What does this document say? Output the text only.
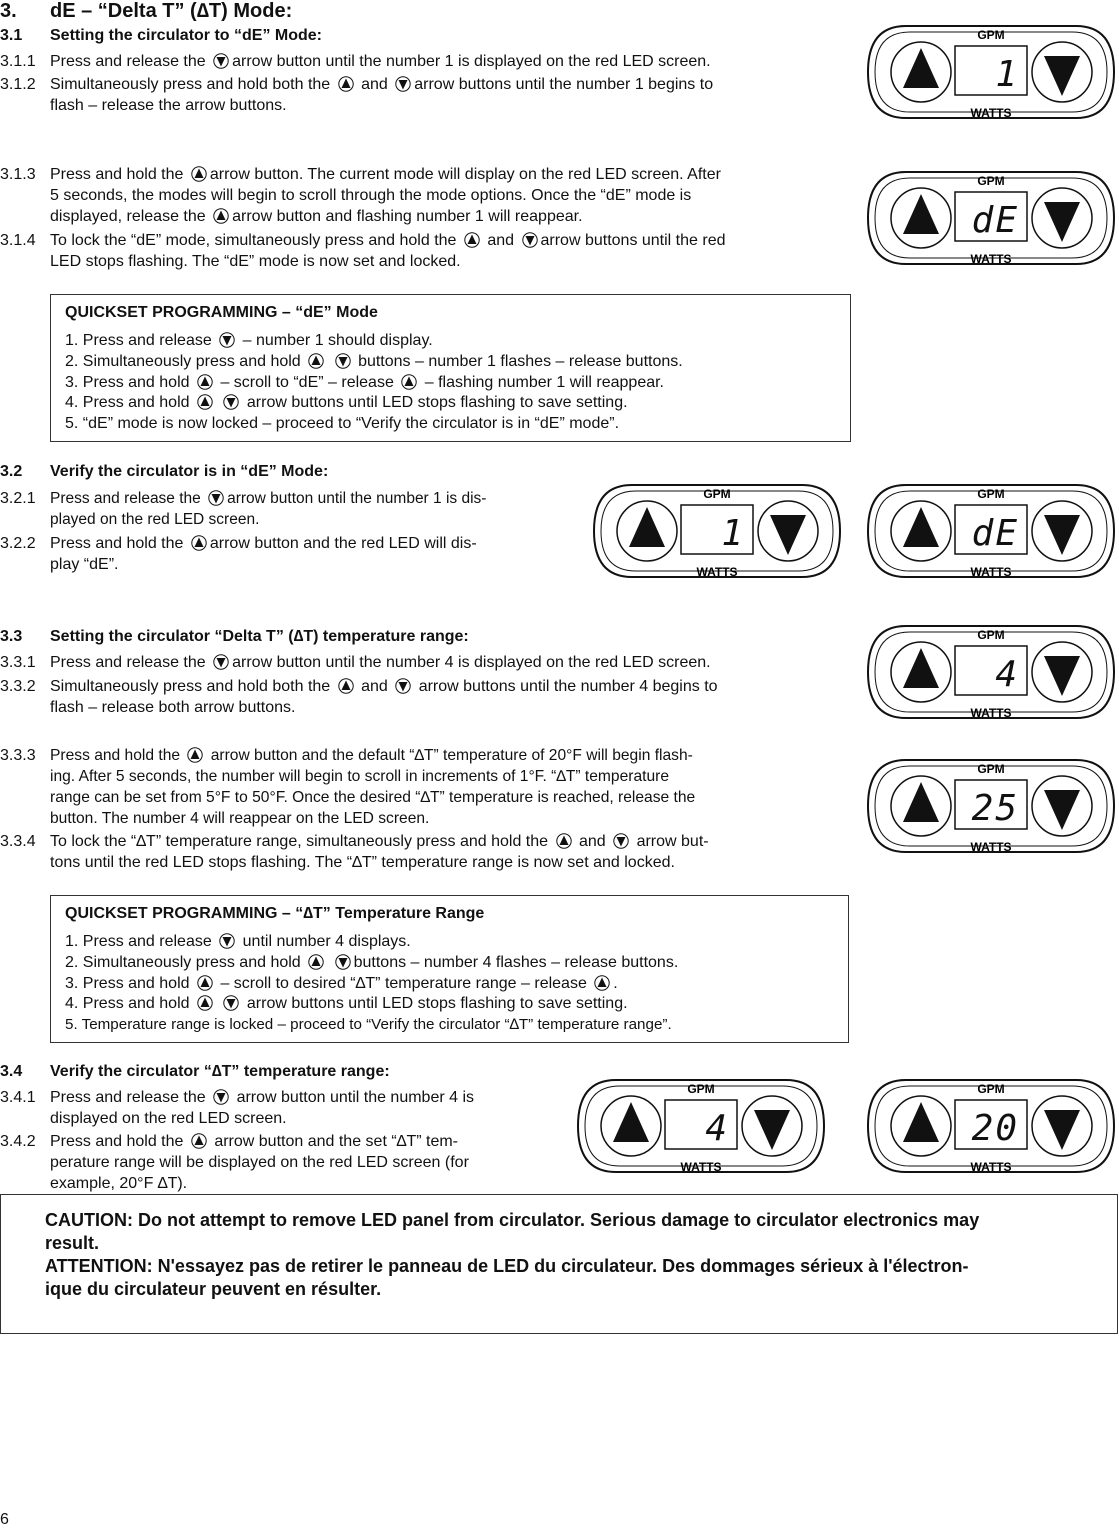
3. dE – “Delta T” (∆T) Mode:
3.1 Setting the circulator to “dE” Mode:
3.1.1 Press and release the arrow button until the number 1 is displayed on the red LED screen.
3.1.2 Simultaneously press and hold both the and arrow buttons until the number 1 begins to
flash – release the arrow buttons.
3.1.3 Press and hold the arrow button. The current mode will display on the red LED screen. After
5 seconds, the modes will begin to scroll through the mode options. Once the “dE” mode is
displayed, release the arrow button and flashing number 1 will reappear.
3.1.4 To lock the “dE” mode, simultaneously press and hold the and arrow buttons until the red
LED stops flashing. The “dE” mode is now set and locked.
QUICKSET PROGRAMMING – “dE” Mode
1. Press and release – number 1 should display.
2. Simultaneously press and hold
	buttons – number 1 flashes – release buttons.
3. Press and hold – scroll to “dE” – release – flashing number 1 will reappear.
4. Press and hold
	arrow buttons until LED stops flashing to save setting.
5. “dE” mode is now locked – proceed to “Verify the circulator is in “dE” mode”.
3.2 Verify the circulator is in “dE” Mode:
3.2.1 Press and release the arrow button until the number 1 is dis-
played on the red LED screen.
3.2.2 Press and hold the arrow button and the red LED will dis-
play “dE”.
3.3 Setting the circulator “Delta T” (∆T) temperature range:
3.3.1 Press and release the arrow button until the number 4 is displayed on the red LED screen.
3.3.2 Simultaneously press and hold both the and arrow buttons until the number 4 begins to
flash – release both arrow buttons.
3.3.3 Press and hold the arrow button and the default “∆T” temperature of 20°F will begin flash-
ing. After 5 seconds, the number will begin to scroll in increments of 1°F. “∆T” temperature
range can be set from 5°F to 50°F. Once the desired “∆T” temperature is reached, release the
button. The number 4 will reappear on the LED screen.
3.3.4 To lock the “∆T” temperature range, simultaneously press and hold the and arrow but-
tons until the red LED stops flashing. The “∆T” temperature range is now set and locked.
QUICKSET PROGRAMMING – “∆T” Temperature Range
1. Press and release until number 4 displays.
2. Simultaneously press and hold
	buttons – number 4 flashes – release buttons.
3. Press and hold – scroll to desired “∆T” temperature range – release .
4. Press and hold
	arrow buttons until LED stops flashing to save setting.
5. Temperature range is locked – proceed to “Verify the circulator “∆T” temperature range”.
3.4 Verify the circulator “∆T” temperature range:
3.4.1 Press and release the arrow button until the number 4 is
displayed on the red LED screen.
3.4.2 Press and hold the arrow button and the set “∆T” tem-
perature range will be displayed on the red LED screen (for
example, 20°F ∆T).
GPM
WATTS
1
GPM
WATTS
dE
GPM
WATTS
1
GPM
WATTS
dE
GPM
WATTS
4
GPM
WATTS
25
GPM
WATTS
4
GPM
WATTS
20
CAUTION: Do not attempt to remove LED panel from circulator. Serious damage to circulator electronics may
result.
ATTENTION: N'essayez pas de retirer le panneau de LED du circulateur. Des dommages sérieux à l'électron-
ique du circulateur peuvent en résulter.
6
